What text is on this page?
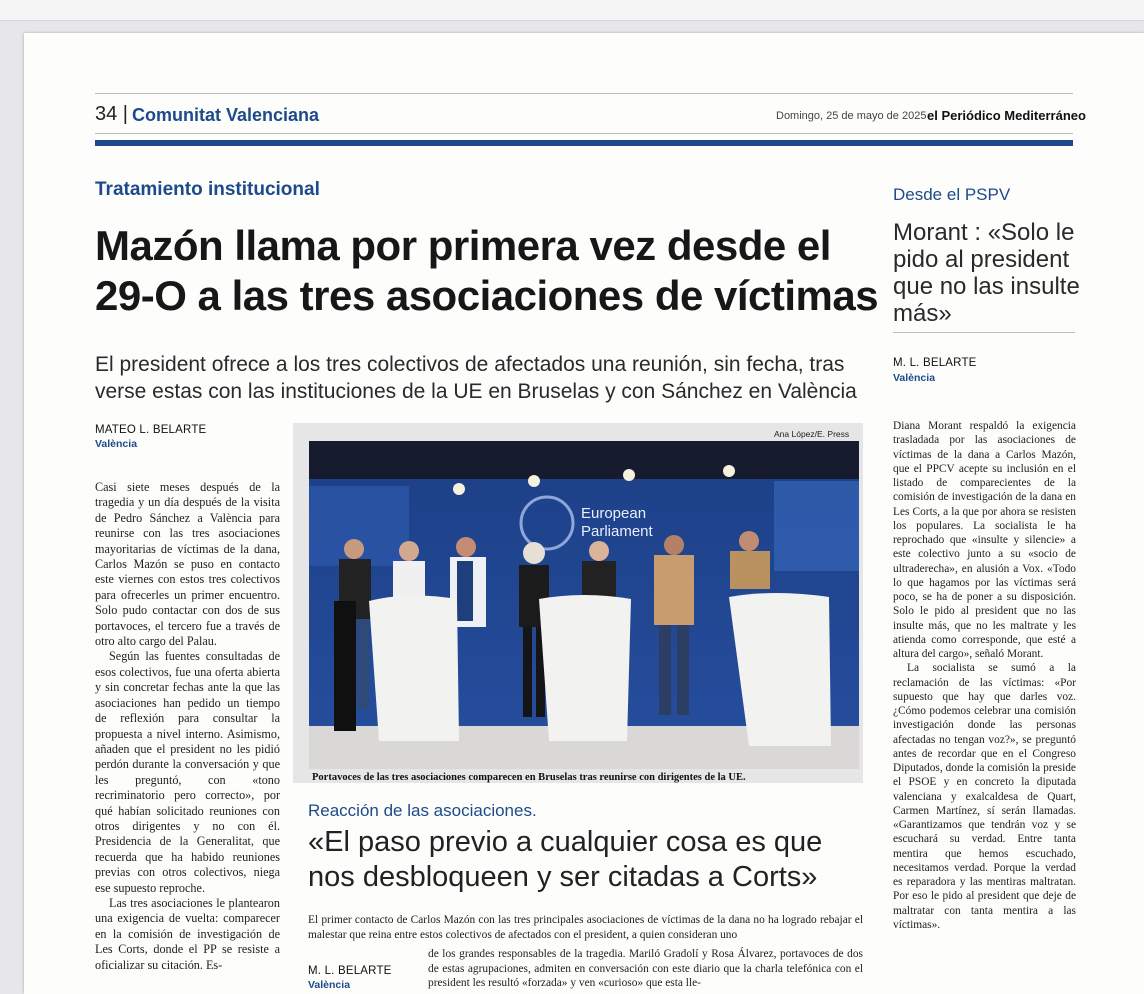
34 | Comunitat Valenciana	Domingo, 25 de mayo de 2025 el Periódico Mediterráneo
Tratamiento institucional
Mazón llama por primera vez desde el 29-O a las tres asociaciones de víctimas
El president ofrece a los tres colectivos de afectados una reunión, sin fecha, tras verse estas con las instituciones de la UE en Bruselas y con Sánchez en València
MATEO L. BELARTE
València

Casi siete meses después de la tragedia y un día después de la visita de Pedro Sánchez a València para reunirse con las tres asociaciones mayoritarias de víctimas de la dana, Carlos Mazón se puso en contacto este viernes con estos tres colectivos para ofrecerles un primer encuentro. Solo pudo contactar con dos de sus portavoces, el tercero fue a través de otro alto cargo del Palau.

Según las fuentes consultadas de esos colectivos, fue una oferta abierta y sin concretar fechas ante la que las asociaciones han pedido un tiempo de reflexión para consultar la propuesta a nivel interno. Asimismo, añaden que el president no les pidió perdón durante la conversación y que les preguntó, con «tono recriminatorio pero correcto», por qué habían solicitado reuniones con otros dirigentes y no con él. Presidencia de la Generalitat, que recuerda que ha habido reuniones previas con otros colectivos, niega ese supuesto reproche.

Las tres asociaciones le plantearon una exigencia de vuelta: comparecer en la comisión de investigación de Les Corts, donde el PP se resiste a oficializar su citación. Es-

Ana López/E. Press
European
Parliament
Portavoces de las tres asociaciones comparecen en Bruselas tras reunirse con dirigentes de la UE.
Reacción de las asociaciones.
«El paso previo a cualquier cosa es que nos desbloqueen y ser citadas a Corts»
El primer contacto de Carlos Mazón con las tres principales asociaciones de víctimas de la dana no ha logrado rebajar el malestar que reina entre estos colectivos de afectados con el president, a quien consideran uno
M. L. BELARTE
València
de los grandes responsables de la tragedia. Mariló Gradolí y Rosa Álvarez, portavoces de dos de estas agrupaciones, admiten en conversación con este diario que la charla telefónica con el president les resultó «forzada» y ven «curioso» que esta lle-
Desde el PSPV
Morant : «Solo le pido al president que no las insulte más»
M. L. BELARTE
València

Diana Morant respaldó la exigencia trasladada por las asociaciones de víctimas de la dana a Carlos Mazón, que el PPCV acepte su inclusión en el listado de comparecientes de la comisión de investigación de la dana en Les Corts, a la que por ahora se resisten los populares. La socialista le ha reprochado que «insulte y silencie» a este colectivo junto a su «socio de ultraderecha», en alusión a Vox. «Todo lo que hagamos por las víctimas será poco, se ha de poner a su disposición. Solo le pido al president que no las insulte más, que no les maltrate y les atienda como corresponde, que esté a altura del cargo», señaló Morant.

La socialista se sumó a la reclamación de las víctimas: «Por supuesto que hay que darles voz. ¿Cómo podemos celebrar una comisión investigación donde las personas afectadas no tengan voz?», se preguntó antes de recordar que en el Congreso Diputados, donde la comisión la preside el PSOE y en concreto la diputada valenciana y exalcaldesa de Quart, Carmen Martínez, sí serán llamadas. «Garantizamos que tendrán voz y se escuchará su verdad. Entre tanta mentira que hemos escuchado, necesitamos verdad. Porque la verdad es reparadora y las mentiras maltratan. Por eso le pido al president que deje de maltratar con tanta mentira a las víctimas».
